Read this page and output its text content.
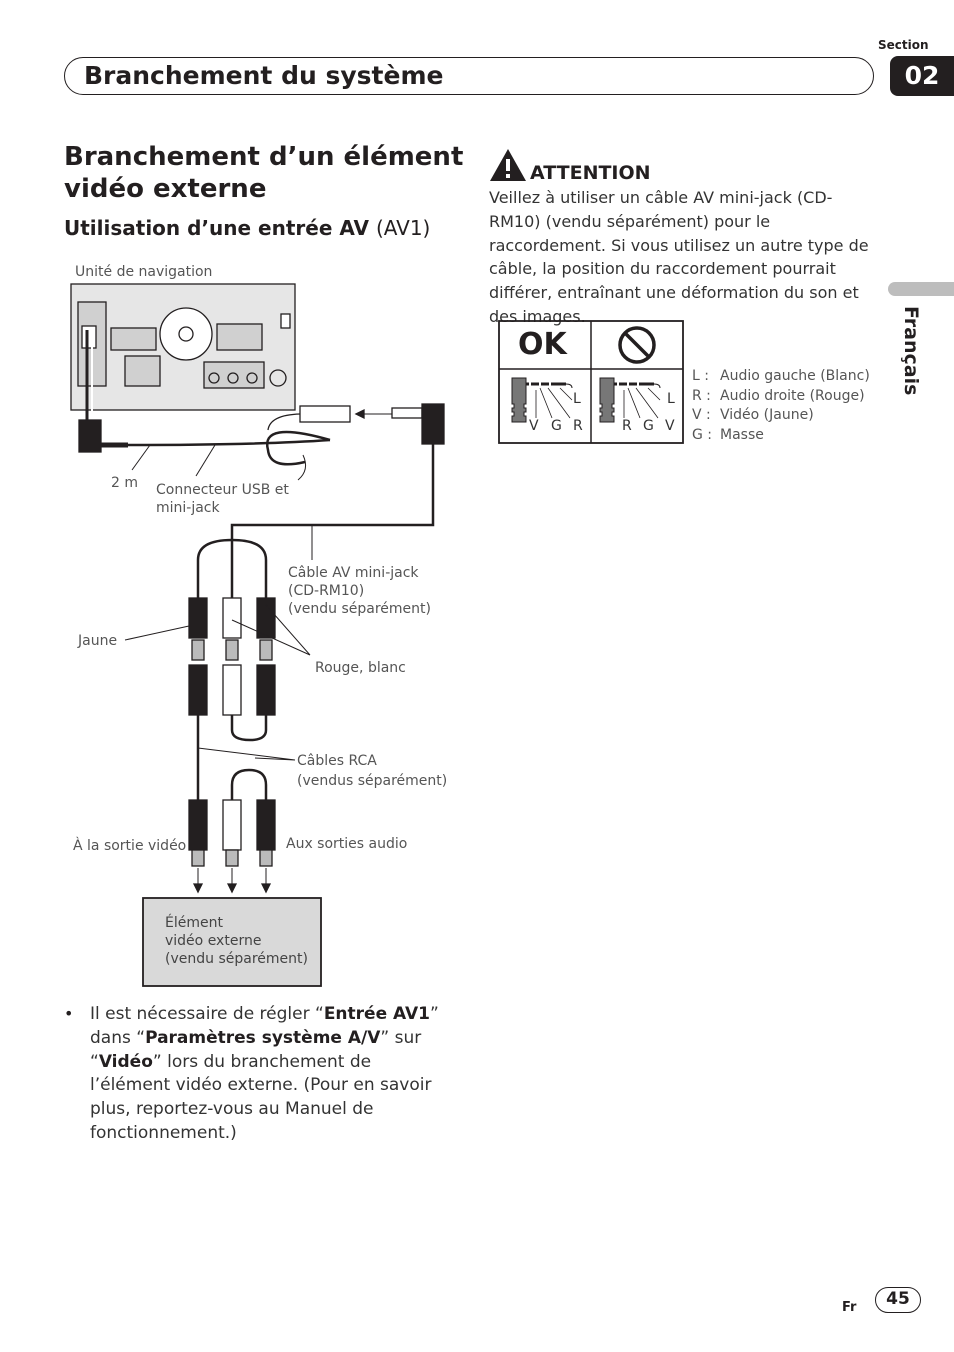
Section
02
Branchement du système
Branchement d’un élément vidéo externe
Utilisation d’une entrée AV (AV1)
Unité de navigation
2 m Connecteur USB et
mini-jack
Câble AV mini-jack
(CD-RM10)
(vendu séparément)
Jaune
Rouge, blanc
Câbles RCA
(vendus séparément)
À la sortie vidéo	Aux sorties audio
Élément
vidéo externe
(vendu séparément)
ATTENTION
Veillez à utiliser un câble AV mini-jack (CD-RM10) (vendu séparément) pour le raccordement. Si vous utilisez un autre type de câble, la position du raccordement pourrait différer, entraînant une déformation du son et des images.
OK
L
V G R
L
R G V
L : Audio gauche (Blanc)
R : Audio droite (Rouge)
V : Vidéo (Jaune)
G : Masse
• Il est nécessaire de régler “Entrée AV1” dans “Paramètres système A/V” sur “Vidéo” lors du branchement de l’élément vidéo externe. (Pour en savoir plus, reportez-vous au Manuel de fonctionnement.)
Français
Fr	45
